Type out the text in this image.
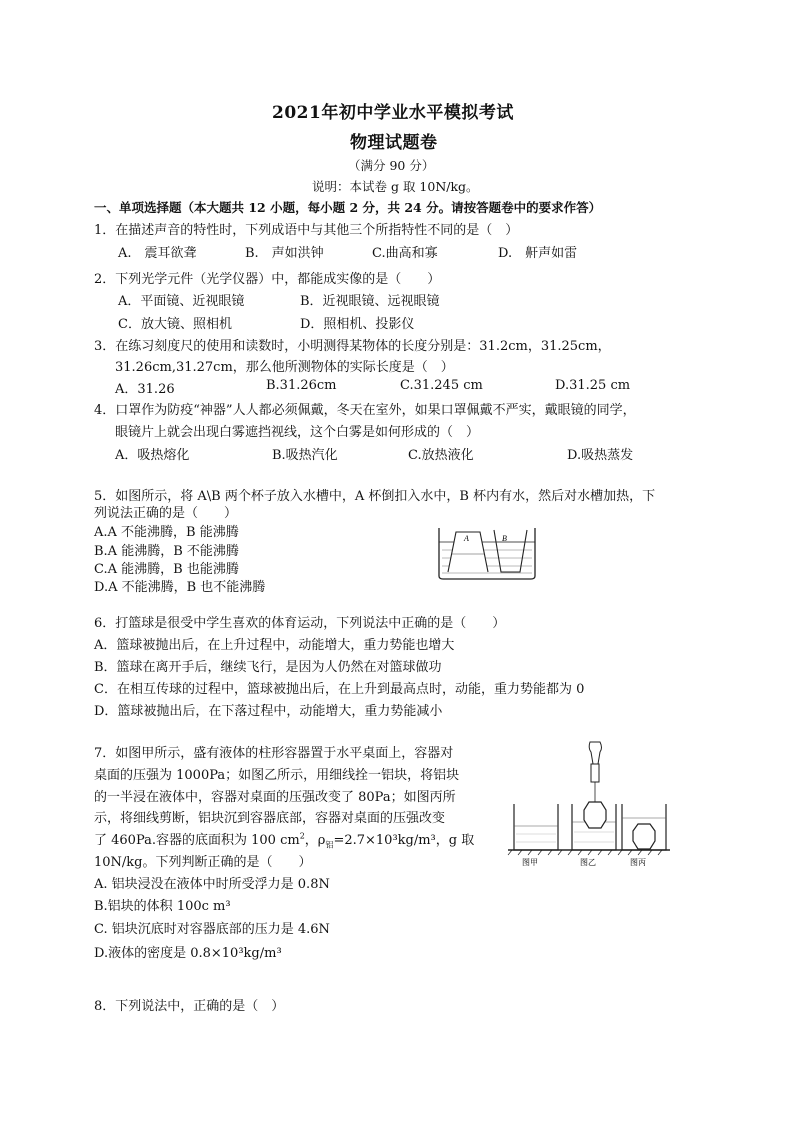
2021年初中学业水平模拟考试
物理试题卷
（满分 90 分）
说明：本试卷 g 取 10N/kg。
一、单项选择题（本大题共 12 小题，每小题 2 分，共 24 分。请按答题卷中的要求作答）
1．在描述声音的特性时，下列成语中与其他三个所指特性不同的是（　）
A.　震耳欲聋	B.　声如洪钟	C.曲高和寡	D.　鼾声如雷
2．下列光学元件（光学仪器）中，都能成实像的是（　　）
A．平面镜、近视眼镜	B．近视眼镜、远视眼镜
C．放大镜、照相机	D．照相机、投影仪
3．在练习刻度尺的使用和读数时，小明测得某物体的长度分别是：31.2cm，31.25cm，
31.26cm,31.27cm，那么他所测物体的实际长度是（　）
A．31.26	B.31.26cm	C.31.245 cm	D.31.25 cm
4．口罩作为防疫“神器”人人都必须佩戴，冬天在室外，如果口罩佩戴不严实，戴眼镜的同学，
眼镜片上就会出现白雾遮挡视线，这个白雾是如何形成的（　）
A．吸热熔化	B.吸热汽化	C.放热液化	D.吸热蒸发
5．如图所示，将 A\B 两个杯子放入水槽中，A 杯倒扣入水中，B 杯内有水，然后对水槽加热，下
列说法正确的是（　　）
A.A 不能沸腾，B 能沸腾
B.A 能沸腾，B 不能沸腾
C.A 能沸腾，B 也能沸腾
D.A 不能沸腾，B 也不能沸腾
A	B
6．打篮球是很受中学生喜欢的体育运动，下列说法中正确的是（　　）
A．篮球被抛出后，在上升过程中，动能增大，重力势能也增大
B．篮球在离开手后，继续飞行，是因为人仍然在对篮球做功
C．在相互传球的过程中，篮球被抛出后，在上升到最高点时，动能，重力势能都为 0
D．篮球被抛出后，在下落过程中，动能增大，重力势能减小
7．如图甲所示，盛有液体的柱形容器置于水平桌面上，容器对
桌面的压强为 1000Pa；如图乙所示，用细线拴一铝块，将铝块
的一半浸在液体中，容器对桌面的压强改变了 80Pa；如图丙所
示，将细线剪断，铝块沉到容器底部，容器对桌面的压强改变
了 460Pa.容器的底面积为 100 $cm^2$，$\rho_铝=2.7\times 10^3kg/m^3$，g 取
10N/kg。下列判断正确的是（　　）
A. 铝块浸没在液体中时所受浮力是 0.8N
B.铝块的体积 100c m³
C. 铝块沉底时对容器底部的压力是 4.6N
D.液体的密度是 0.8×10³kg/m³
图甲	图乙	图丙
8．下列说法中，正确的是（　）
